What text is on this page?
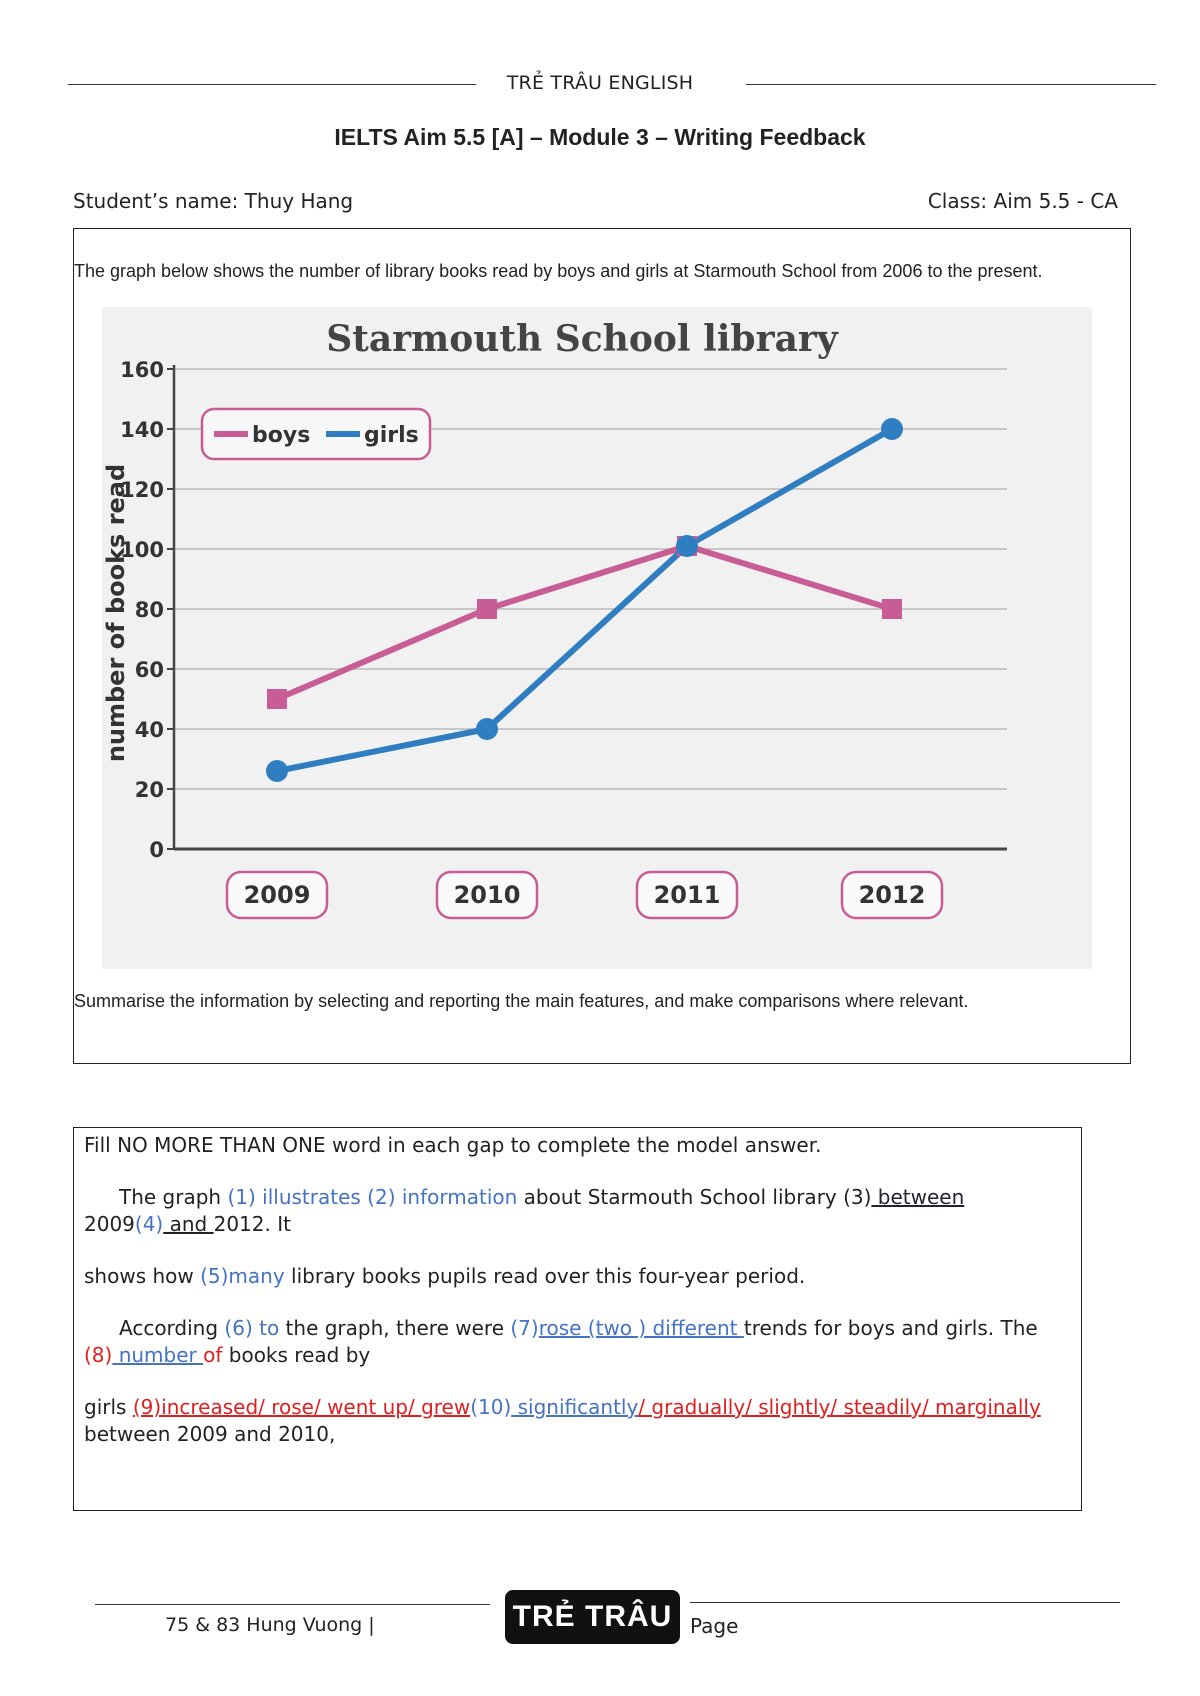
TRẺ TRÂU ENGLISH
IELTS Aim 5.5 [A] – Module 3 – Writing Feedback
Student’s name: Thuy Hang	Class: Aim 5.5 - CA
The graph below shows the number of library books read by boys and girls at Starmouth School from 2006 to the present.
Starmouth School library
number of books read
0
20
40
60
80
100
120
140
160
2009	2010	2011	2012
boys girls
Summarise the information by selecting and reporting the main features, and make comparisons where relevant.

Fill NO MORE THAN ONE word in each gap to complete the model answer.

The graph (1) illustrates (2) information about Starmouth School library (3) between
2009(4) and 2012. It

shows how (5)many library books pupils read over this four-year period.

According (6) to the graph, there were (7)rose (two ) different trends for boys and girls. The (8) number of books read by

girls (9)increased/ rose/ went up/ grew(10) significantly/ gradually/ slightly/ steadily/ marginally between 2009 and 2010,

75 & 83 Hung Vuong |	TRẺ TRÂU Page
